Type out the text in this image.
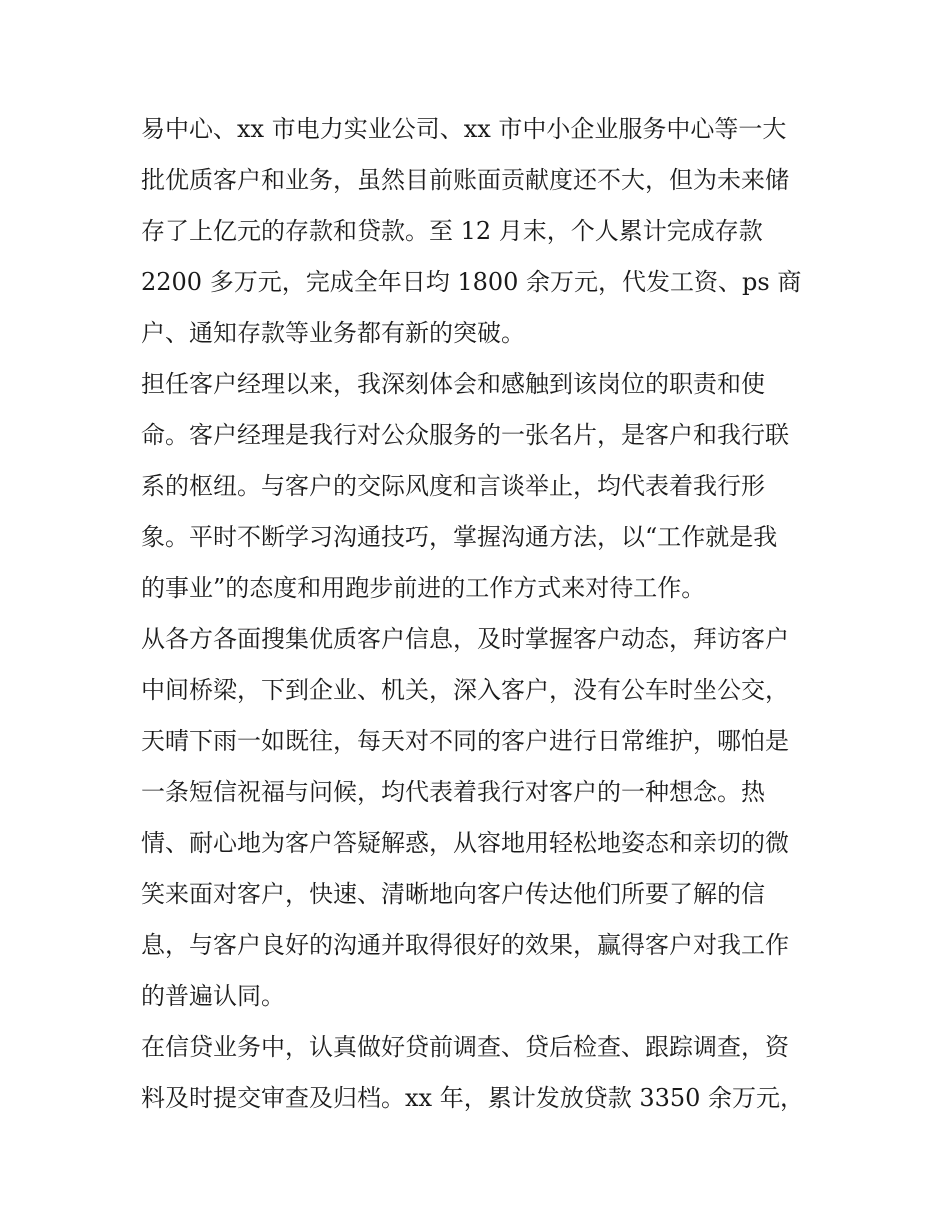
易中心、xx 市电力实业公司、xx 市中小企业服务中心等一大
批优质客户和业务，虽然目前账面贡献度还不大，但为未来储
存了上亿元的存款和贷款。至 12 月末，个人累计完成存款
2200 多万元，完成全年日均 1800 余万元，代发工资、ps 商
户、通知存款等业务都有新的突破。
担任客户经理以来，我深刻体会和感触到该岗位的职责和使
命。客户经理是我行对公众服务的一张名片，是客户和我行联
系的枢纽。与客户的交际风度和言谈举止，均代表着我行形
象。平时不断学习沟通技巧，掌握沟通方法，以“工作就是我
的事业”的态度和用跑步前进的工作方式来对待工作。
从各方各面搜集优质客户信息，及时掌握客户动态，拜访客户
中间桥梁，下到企业、机关，深入客户，没有公车时坐公交，
天晴下雨一如既往，每天对不同的客户进行日常维护，哪怕是
一条短信祝福与问候，均代表着我行对客户的一种想念。热
情、耐心地为客户答疑解惑，从容地用轻松地姿态和亲切的微
笑来面对客户，快速、清晰地向客户传达他们所要了解的信
息，与客户良好的沟通并取得很好的效果，赢得客户对我工作
的普遍认同。
在信贷业务中，认真做好贷前调查、贷后检查、跟踪调查，资
料及时提交审查及归档。xx 年，累计发放贷款 3350 余万元，
